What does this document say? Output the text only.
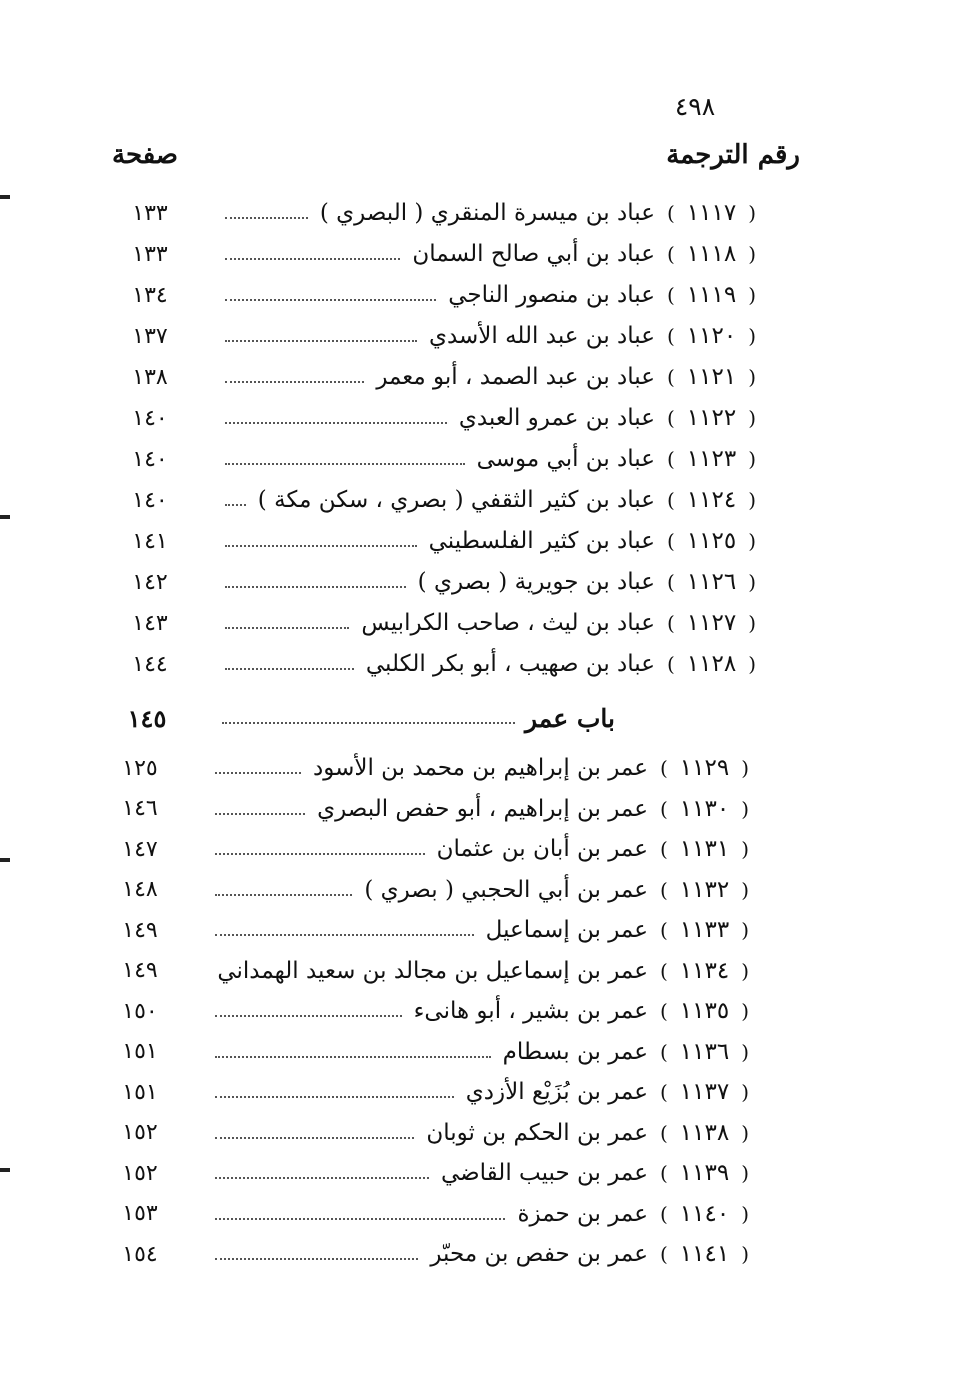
٤٩٨
رقم الترجمة
صفحة
(
١١١٧
)
عباد بن ميسرة المنقري ( البصري )
١٣٣
(
١١١٨
)
عباد بن أبي صالح السمان
١٣٣
(
١١١٩
)
عباد بن منصور الناجي
١٣٤
(
١١٢٠
)
عباد بن عبد الله الأسدي
١٣٧
(
١١٢١
)
عباد بن عبد الصمد ، أبو معمر
١٣٨
(
١١٢٢
)
عباد بن عمرو العبدي
١٤٠
(
١١٢٣
)
عباد بن أبي موسى
١٤٠
(
١١٢٤
)
عباد بن كثير الثقفي ( بصري ، سكن مكة )
١٤٠
(
١١٢٥
)
عباد بن كثير الفلسطيني
١٤١
(
١١٢٦
)
عباد بن جويرية ( بصري )
١٤٢
(
١١٢٧
)
عباد بن ليث ، صاحب الكرابيس
١٤٣
(
١١٢٨
)
عباد بن صهيب ، أبو بكر الكلبي
١٤٤
باب عمر
١٤٥
(
١١٢٩
)
عمر بن إبراهيم بن محمد بن الأسود
١٢٥
(
١١٣٠
)
عمر بن إبراهيم ، أبو حفص البصري
١٤٦
(
١١٣١
)
عمر بن أبان بن عثمان
١٤٧
(
١١٣٢
)
عمر بن أبي الحجبي ( بصري )
١٤٨
(
١١٣٣
)
عمر بن إسماعيل
١٤٩
(
١١٣٤
)
عمر بن إسماعيل بن مجالد بن سعيد الهمداني
١٤٩
(
١١٣٥
)
عمر بن بشير ، أبو هانىء
١٥٠
(
١١٣٦
)
عمر بن بسطام
١٥١
(
١١٣٧
)
عمر بن بُزَيْع الأزدي
١٥١
(
١١٣٨
)
عمر بن الحكم بن ثوبان
١٥٢
(
١١٣٩
)
عمر بن حبيب القاضي
١٥٢
(
١١٤٠
)
عمر بن حمزة
١٥٣
(
١١٤١
)
عمر بن حفص بن محبّر
١٥٤
